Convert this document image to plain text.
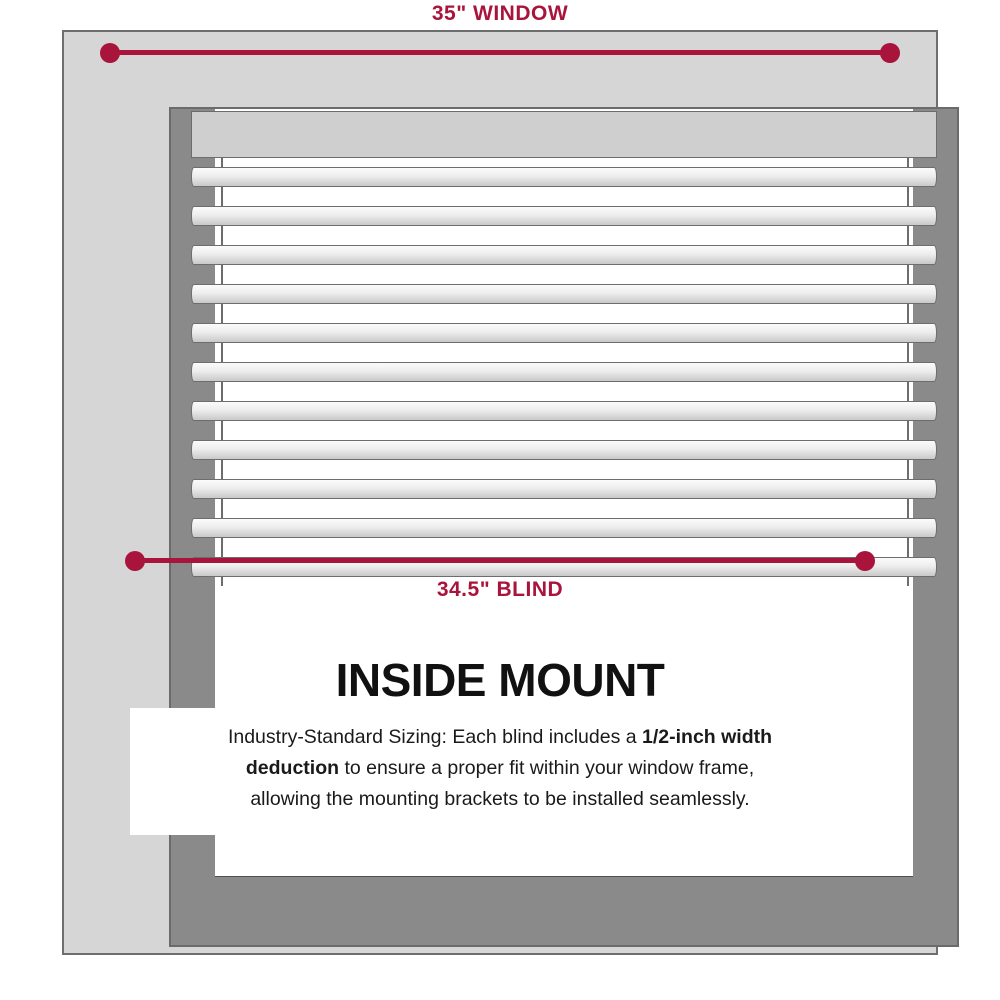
35" WINDOW
34.5" BLIND
INSIDE MOUNT
Industry-Standard Sizing: Each blind includes a 1/2-inch width
deduction to ensure a proper fit within your window frame,
allowing the mounting brackets to be installed seamlessly.
